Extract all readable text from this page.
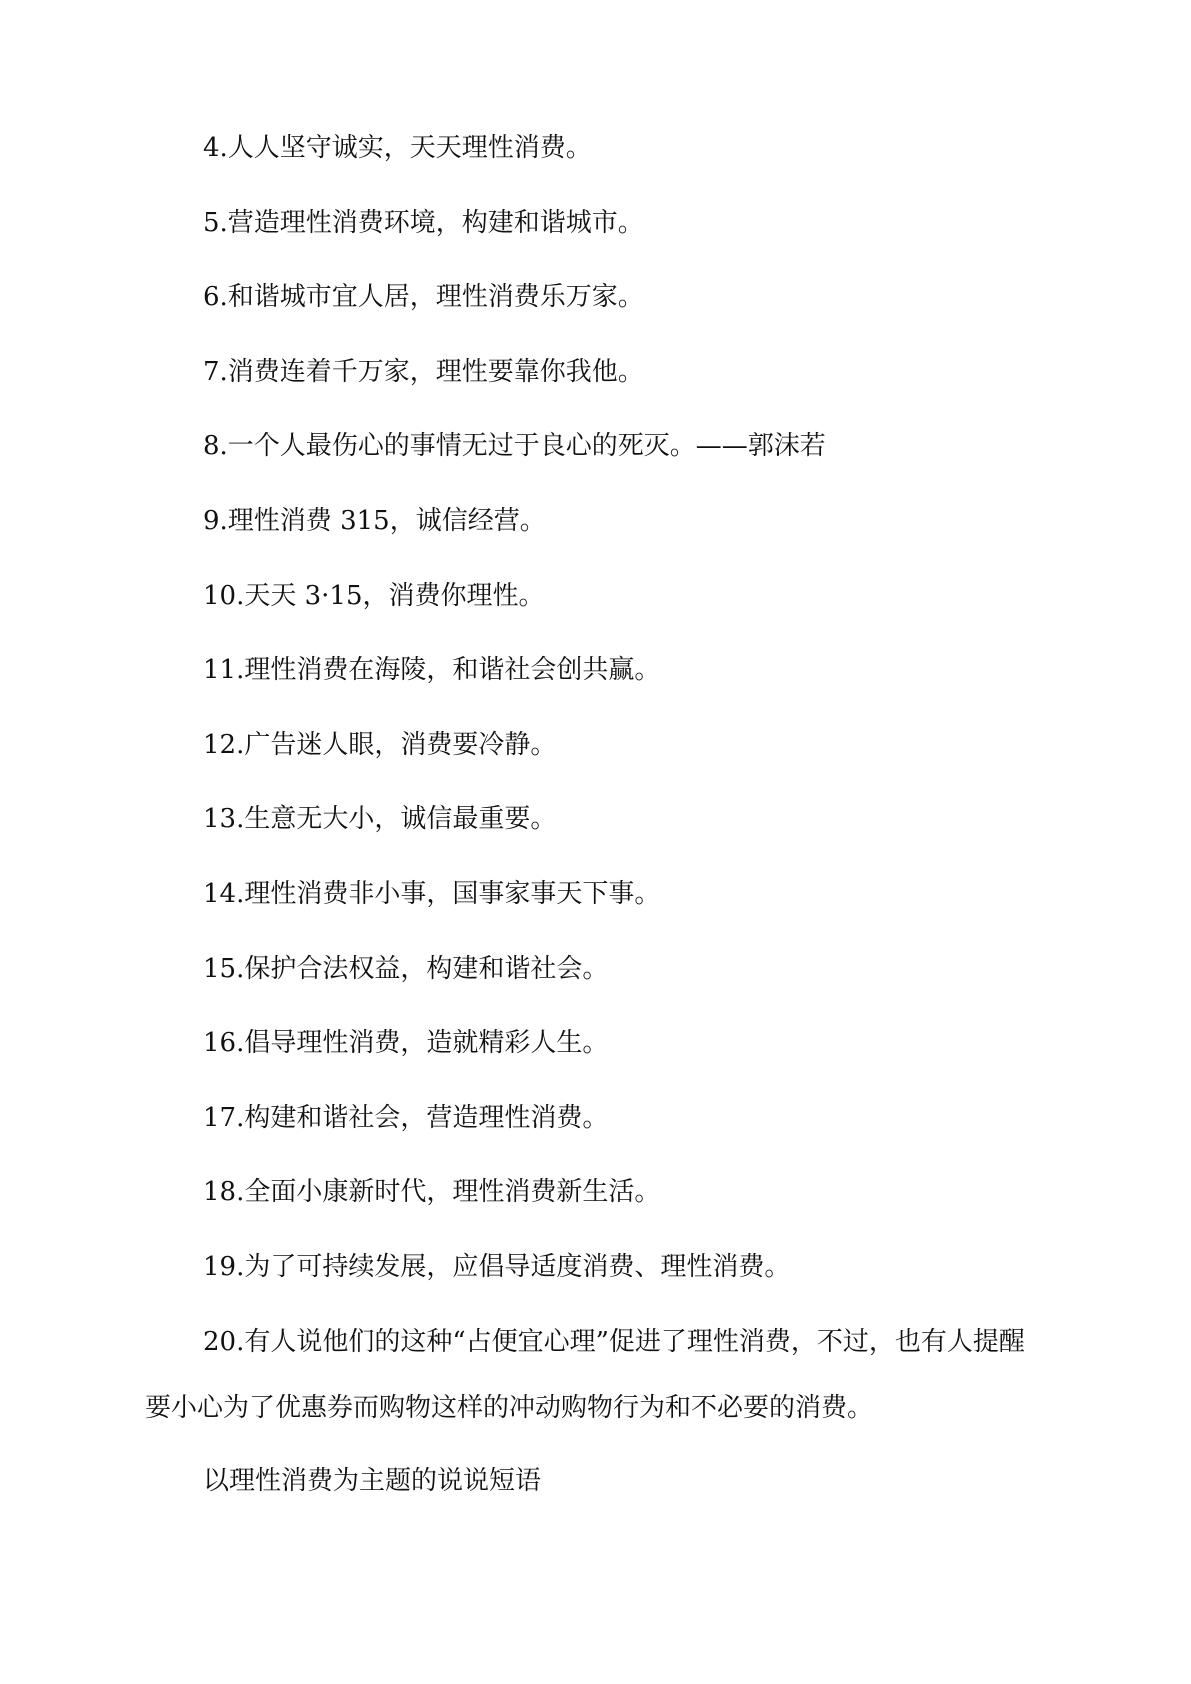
4.人人坚守诚实，天天理性消费。
5.营造理性消费环境，构建和谐城市。
6.和谐城市宜人居，理性消费乐万家。
7.消费连着千万家，理性要靠你我他。
8.一个人最伤心的事情无过于良心的死灭。——郭沫若
9.理性消费 315，诚信经营。
10.天天 3·15，消费你理性。
11.理性消费在海陵，和谐社会创共赢。
12.广告迷人眼，消费要冷静。
13.生意无大小，诚信最重要。
14.理性消费非小事，国事家事天下事。
15.保护合法权益，构建和谐社会。
16.倡导理性消费，造就精彩人生。
17.构建和谐社会，营造理性消费。
18.全面小康新时代，理性消费新生活。
19.为了可持续发展，应倡导适度消费、理性消费。
20.有人说他们的这种“占便宜心理”促进了理性消费，不过，也有人提醒要小心为了优惠券而购物这样的冲动购物行为和不必要的消费。
以理性消费为主题的说说短语
